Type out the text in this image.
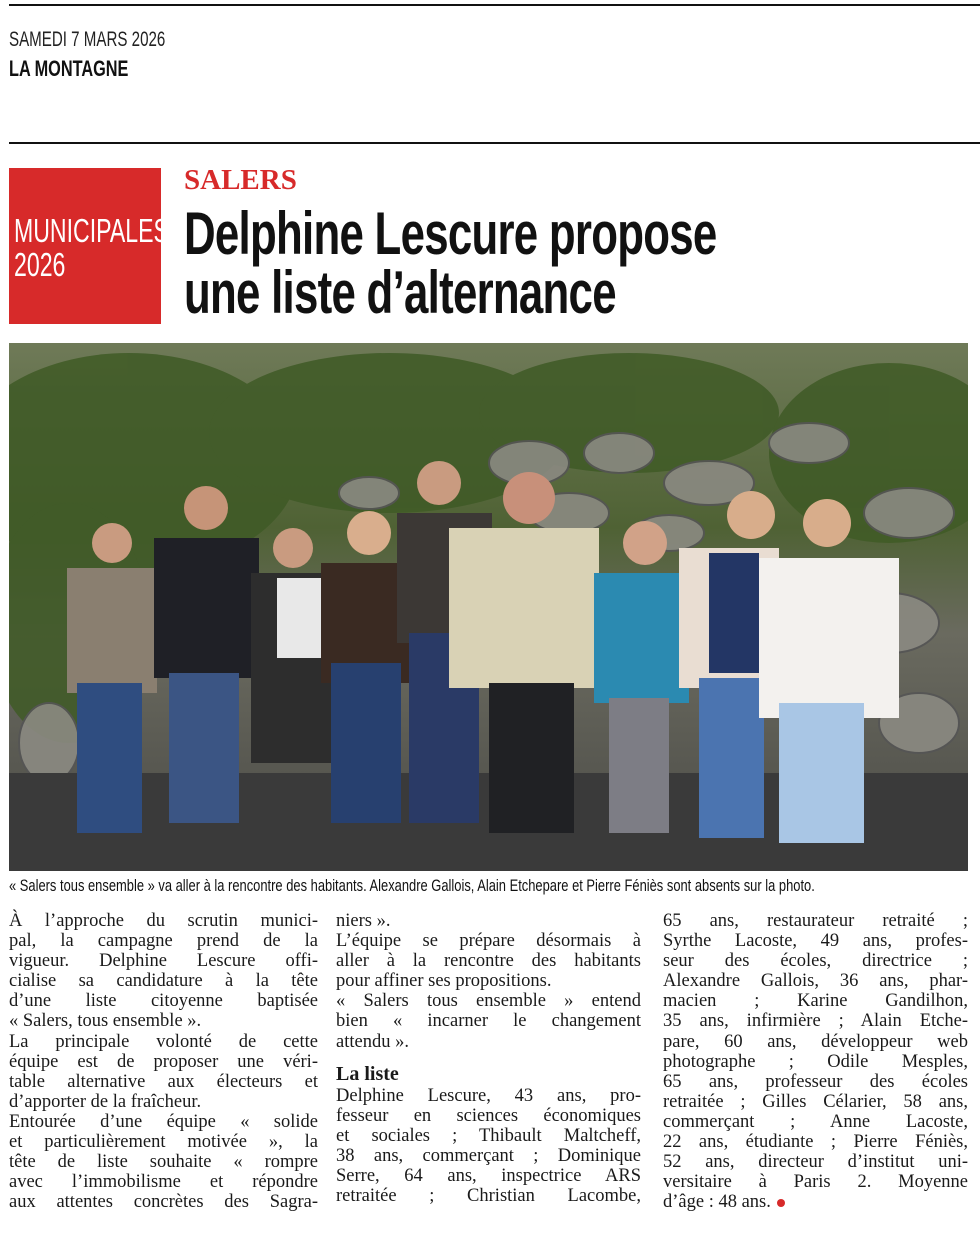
SAMEDI 7 MARS 2026
LA MONTAGNE
MUNICIPALES
2026
SALERS
Delphine Lescure propose
une liste d’alternance
« Salers tous ensemble » va aller à la rencontre des habitants. Alexandre Gallois, Alain Etchepare et Pierre Féniès sont absents sur la photo.
À l’approche du scrutin munici-
pal, la campagne prend de la
vigueur. Delphine Lescure offi-
cialise sa candidature à la tête
d’une liste citoyenne baptisée
« Salers, tous ensemble ».
La principale volonté de cette
équipe est de proposer une véri-
table alternative aux électeurs et
d’apporter de la fraîcheur.
Entourée d’une équipe « solide
et particulièrement motivée », la
tête de liste souhaite « rompre
avec l’immobilisme et répondre
aux attentes concrètes des Sagra-
niers ».
L’équipe se prépare désormais à
aller à la rencontre des habitants
pour affiner ses propositions.
« Salers tous ensemble » entend
bien « incarner le changement
attendu ».
La liste
Delphine Lescure, 43 ans, pro-
fesseur en sciences économiques
et sociales ; Thibault Maltcheff,
38 ans, commerçant ; Dominique
Serre, 64 ans, inspectrice ARS
retraitée ; Christian Lacombe,
65 ans, restaurateur retraité ;
Syrthe Lacoste, 49 ans, profes-
seur des écoles, directrice ;
Alexandre Gallois, 36 ans, phar-
macien ; Karine Gandilhon,
35 ans, infirmière ; Alain Etche-
pare, 60 ans, développeur web
photographe ; Odile Mesples,
65 ans, professeur des écoles
retraitée ; Gilles Célarier, 58 ans,
commerçant ; Anne Lacoste,
22 ans, étudiante ; Pierre Féniès,
52 ans, directeur d’institut uni-
versitaire à Paris 2. Moyenne
d’âge : 48 ans.
